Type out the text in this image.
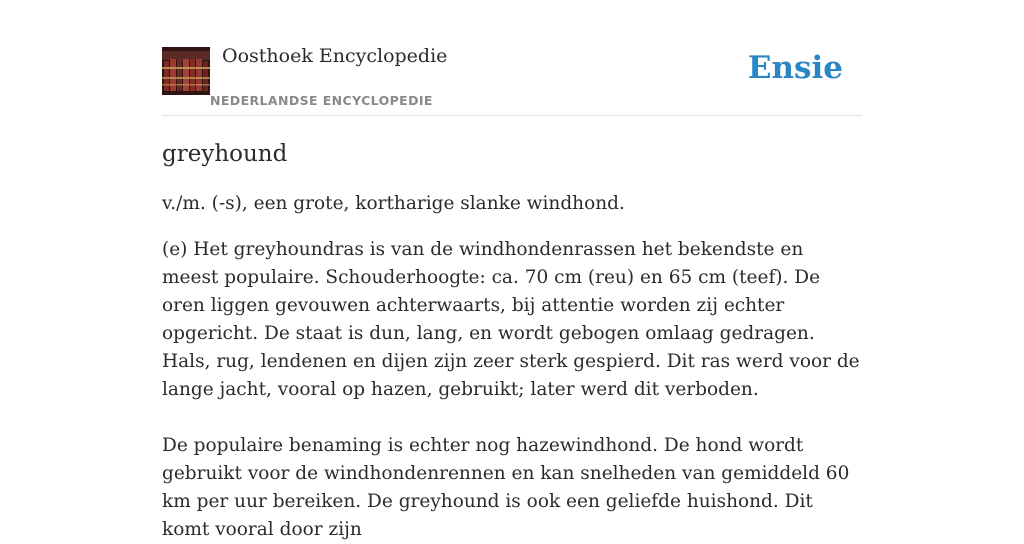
Oosthoek Encyclopedie
NEDERLANDSE ENCYCLOPEDIE
Ensie
greyhound

v./m. (-s), een grote, kortharige slanke windhond.

(e) Het greyhoundras is van de windhondenrassen het bekendste en meest populaire. Schouderhoogte: ca. 70 cm (reu) en 65 cm (teef). De oren liggen gevouwen achterwaarts, bij attentie worden zij echter opgericht. De staat is dun, lang, en wordt gebogen omlaag gedragen. Hals, rug, lendenen en dijen zijn zeer sterk gespierd. Dit ras werd voor de lange jacht, vooral op hazen, gebruikt; later werd dit verboden.

De populaire benaming is echter nog hazewindhond. De hond wordt gebruikt voor de windhondenrennen en kan snelheden van gemiddeld 60 km per uur bereiken. De greyhound is ook een geliefde huishond. Dit komt vooral door zijn
